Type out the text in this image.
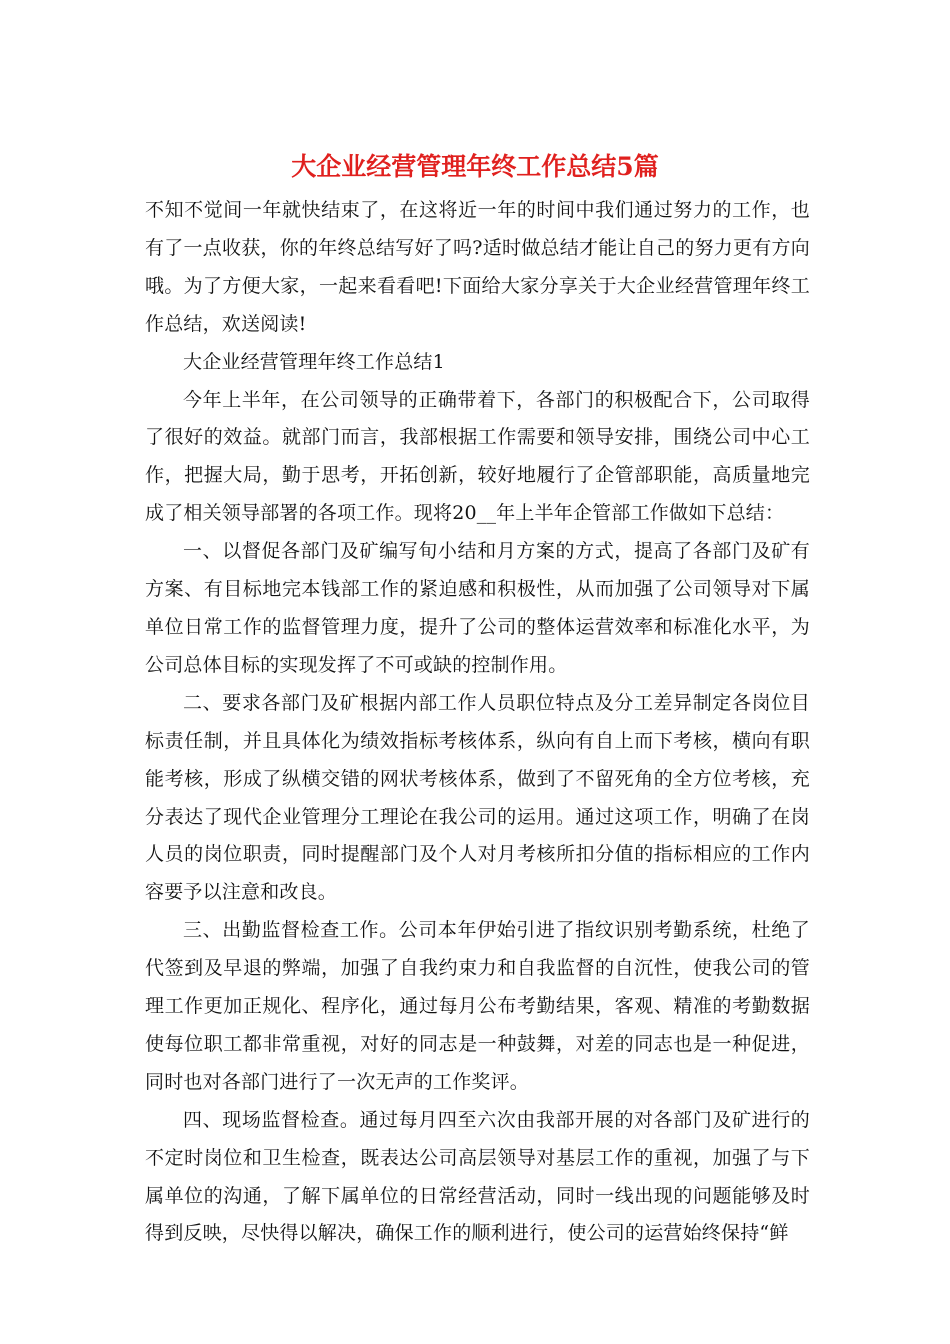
大企业经营管理年终工作总结5篇

不知不觉间一年就快结束了，在这将近一年的时间中我们通过努力的工作，也有了一点收获，你的年终总结写好了吗?适时做总结才能让自己的努力更有方向哦。为了方便大家，一起来看看吧!下面给大家分享关于大企业经营管理年终工作总结，欢送阅读!

大企业经营管理年终工作总结1

今年上半年，在公司领导的正确带着下，各部门的积极配合下，公司取得了很好的效益。就部门而言，我部根据工作需要和领导安排，围绕公司中心工作，把握大局，勤于思考，开拓创新，较好地履行了企管部职能，高质量地完成了相关领导部署的各项工作。现将20__年上半年企管部工作做如下总结：

一、以督促各部门及矿编写旬小结和月方案的方式，提高了各部门及矿有方案、有目标地完本钱部工作的紧迫感和积极性，从而加强了公司领导对下属单位日常工作的监督管理力度，提升了公司的整体运营效率和标准化水平，为公司总体目标的实现发挥了不可或缺的控制作用。

二、要求各部门及矿根据内部工作人员职位特点及分工差异制定各岗位目标责任制，并且具体化为绩效指标考核体系，纵向有自上而下考核，横向有职能考核，形成了纵横交错的网状考核体系，做到了不留死角的全方位考核，充分表达了现代企业管理分工理论在我公司的运用。通过这项工作，明确了在岗人员的岗位职责，同时提醒部门及个人对月考核所扣分值的指标相应的工作内容要予以注意和改良。

三、出勤监督检查工作。公司本年伊始引进了指纹识别考勤系统，杜绝了代签到及早退的弊端，加强了自我约束力和自我监督的自沉性，使我公司的管理工作更加正规化、程序化，通过每月公布考勤结果，客观、精准的考勤数据使每位职工都非常重视，对好的同志是一种鼓舞，对差的同志也是一种促进，同时也对各部门进行了一次无声的工作奖评。

四、现场监督检查。通过每月四至六次由我部开展的对各部门及矿进行的不定时岗位和卫生检查，既表达公司高层领导对基层工作的重视，加强了与下属单位的沟通，了解下属单位的日常经营活动，同时一线出现的问题能够及时得到反映，尽快得以解决，确保工作的顺利进行，使公司的运营始终保持“鲜
